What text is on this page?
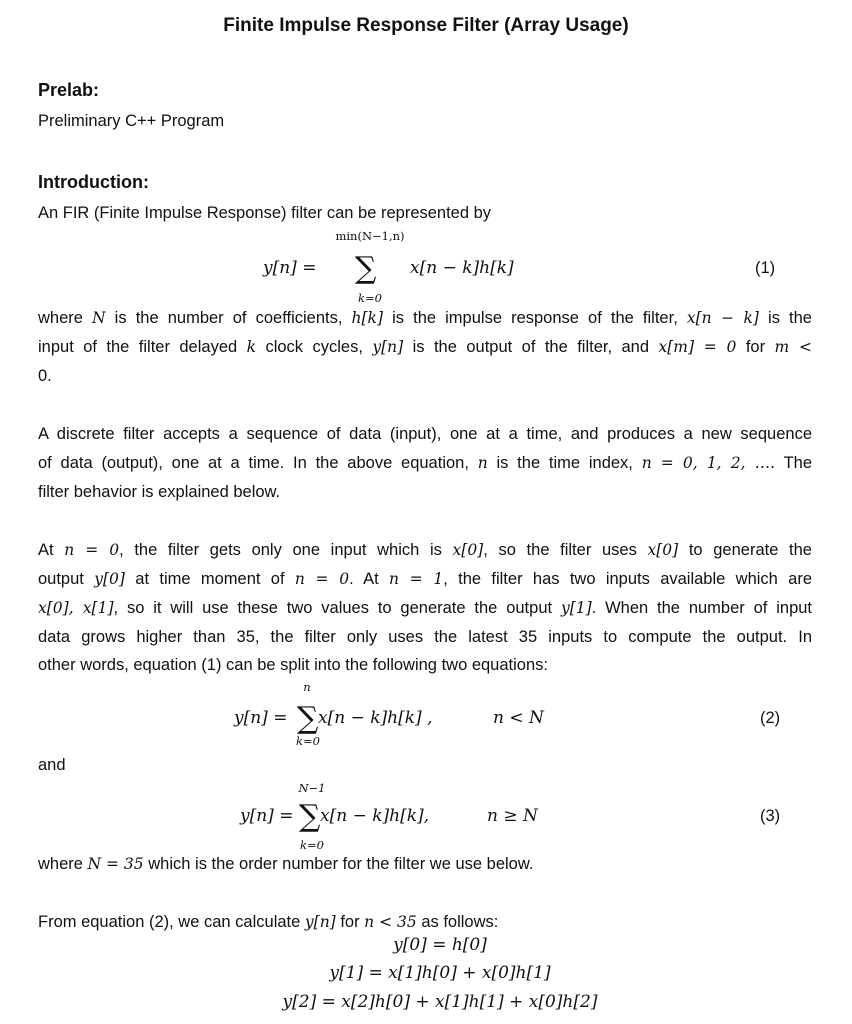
Finite Impulse Response Filter (Array Usage)
Prelab:
Preliminary C++ Program
Introduction:
y[n] =
min(N−1,n)
∑
k=0
x[n − k]h[k]	(1)
y[n] =
n
∑
k=0
x[n − k]h[k] ,	n < N	(2)
y[n] =
N−1
∑
k=0
x[n − k]h[k],	n ≥ N	(3)
An FIR (Finite Impulse Response) filter can be represented by
where N is the number of coefficients, h[k] is the impulse response of the filter, x[n − k] is the
input of the filter delayed k clock cycles, y[n] is the output of the filter, and x[m] = 0 for m <
0.
A discrete filter accepts a sequence of data (input), one at a time, and produces a new sequence
of data (output), one at a time. In the above equation, n is the time index, n = 0, 1, 2, …. The
filter behavior is explained below.
At n = 0, the filter gets only one input which is x[0], so the filter uses x[0] to generate the
output y[0] at time moment of n = 0. At n = 1, the filter has two inputs available which are
x[0], x[1], so it will use these two values to generate the output y[1]. When the number of input
data grows higher than 35, the filter only uses the latest 35 inputs to compute the output. In
other words, equation (1) can be split into the following two equations:
and
where N = 35 which is the order number for the filter we use below.
From equation (2), we can calculate y[n] for n < 35 as follows:
y[0] = h[0]
y[1] = x[1]h[0] + x[0]h[1]
y[2] = x[2]h[0] + x[1]h[1] + x[0]h[2]
